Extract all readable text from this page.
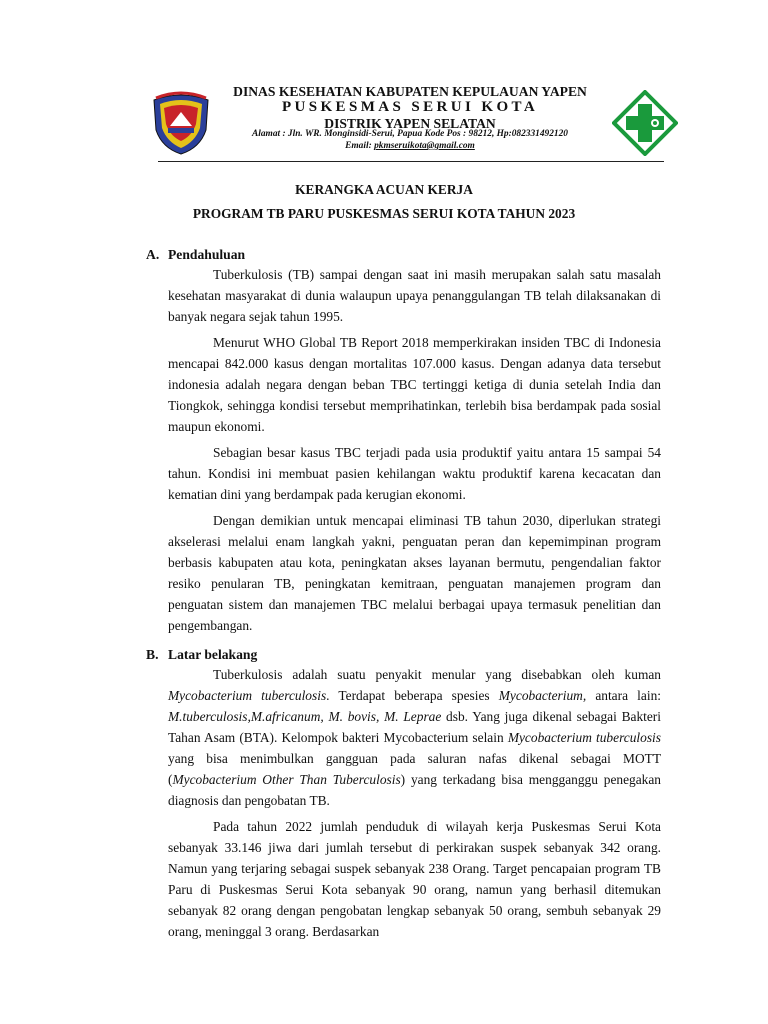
DINAS KESEHATAN KABUPATEN KEPULAUAN YAPEN
PUSKESMAS SERUI KOTA
DISTRIK YAPEN SELATAN
Alamat : Jln. WR. Monginsidi-Serui, Papua Kode Pos : 98212, Hp:082331492120
Email: pkmseruikota@gmail.com
KERANGKA ACUAN KERJA
PROGRAM TB PARU PUSKESMAS SERUI KOTA TAHUN 2023
A. Pendahuluan

Tuberkulosis (TB) sampai dengan saat ini masih merupakan salah satu masalah kesehatan masyarakat di dunia walaupun upaya penanggulangan TB telah dilaksanakan di banyak negara sejak tahun 1995.

Menurut WHO Global TB Report 2018 memperkirakan insiden TBC di Indonesia mencapai 842.000 kasus dengan mortalitas 107.000 kasus. Dengan adanya data tersebut indonesia adalah negara dengan beban TBC tertinggi ketiga di dunia setelah India dan Tiongkok, sehingga kondisi tersebut memprihatinkan, terlebih bisa berdampak pada sosial maupun ekonomi.

Sebagian besar kasus TBC terjadi pada usia produktif yaitu antara 15 sampai 54 tahun. Kondisi ini membuat pasien kehilangan waktu produktif karena kecacatan dan kematian dini yang berdampak pada kerugian ekonomi.

Dengan demikian untuk mencapai eliminasi TB tahun 2030, diperlukan strategi akselerasi melalui enam langkah yakni, penguatan peran dan kepemimpinan program berbasis kabupaten atau kota, peningkatan akses layanan bermutu, pengendalian faktor resiko penularan TB, peningkatan kemitraan, penguatan manajemen program dan penguatan sistem dan manajemen TBC melalui berbagai upaya termasuk penelitian dan pengembangan.

B. Latar belakang

Tuberkulosis adalah suatu penyakit menular yang disebabkan oleh kuman Mycobacterium tuberculosis. Terdapat beberapa spesies Mycobacterium, antara lain: M.tuberculosis,M.africanum, M. bovis, M. Leprae dsb. Yang juga dikenal sebagai Bakteri Tahan Asam (BTA). Kelompok bakteri Mycobacterium selain Mycobacterium tuberculosis yang bisa menimbulkan gangguan pada saluran nafas dikenal sebagai MOTT (Mycobacterium Other Than Tuberculosis) yang terkadang bisa mengganggu penegakan diagnosis dan pengobatan TB.

Pada tahun 2022 jumlah penduduk di wilayah kerja Puskesmas Serui Kota sebanyak 33.146 jiwa dari jumlah tersebut di perkirakan suspek sebanyak 342 orang. Namun yang terjaring sebagai suspek sebanyak 238 Orang. Target pencapaian program TB Paru di Puskesmas Serui Kota sebanyak 90 orang, namun yang berhasil ditemukan sebanyak 82 orang dengan pengobatan lengkap sebanyak 50 orang, sembuh sebanyak 29 orang, meninggal 3 orang. Berdasarkan
